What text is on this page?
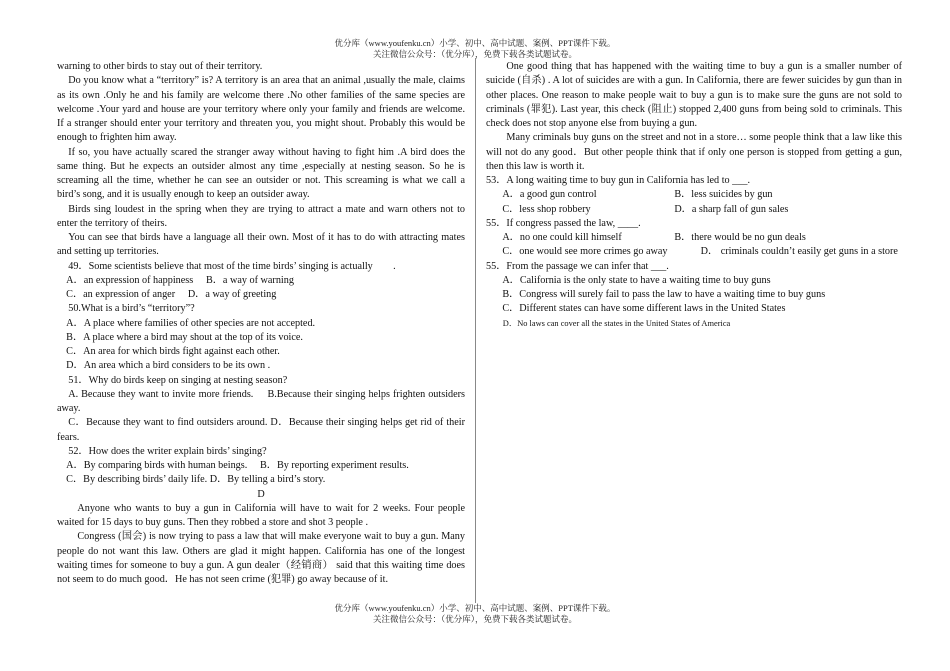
优分库（www.youfenku.cn）小学、初中、高中试题、案例、PPT课件下载。
关注微信公众号：（优分库），免费下载各类试题试卷。

warning to other birds to stay out of their territory.

Do you know what a “territory” is? A territory is an area that an animal ,usually the male, claims as its own .Only he and his family are welcome there .No other families of the same species are welcome .Your yard and house are your territory where only your family and friends are welcome. If a stranger should enter your territory and threaten you, you might shout. Probably this would be enough to frighten him away.

If so, you have actually scared the stranger away without having to fight him .A bird does the same thing. But he expects an outsider almost any time ,especially at nesting season. So he is screaming all the time, whether he can see an outsider or not. This screaming is what we call a bird’s song, and it is usually enough to keep an outsider away.

Birds sing loudest in the spring when they are trying to attract a mate and warn others not to enter the territory of theirs.

You can see that birds have a language all their own. Most of it has to do with attracting mates and setting up territories.

49．Some scientists believe that most of the time birds’ singing is actually　　.

A．an expression of happiness　 B．a way of warning

C．an expression of anger　 D．a way of greeting

50.What is a bird’s “territory”?

A．A place where families of other species are not accepted.

B．A place where a bird may shout at the top of its voice.

C．An area for which birds fight against each other.

D．An area which a bird considers to be its own .

51．Why do birds keep on singing at nesting season?

A. Because they want to invite more friends.　 B.Because their singing helps frighten outsiders away.

C．Because they want to find outsiders around. D．Because their singing helps get rid of their fears.

52．How does the writer explain birds’ singing?

A．By comparing birds with human beings.　 B．By reporting experiment results.

C．By describing birds’ daily life. D．By telling a bird’s story.

D

Anyone who wants to buy a gun in California will have to wait for 2 weeks. Four people waited for 15 days to buy guns. Then they robbed a store and shot 3 people .

Congress (国会) is now trying to pass a law that will make everyone wait to buy a gun. Many people do not want this law. Others are glad it might happen. California has one of the longest waiting times for someone to buy a gun. A gun dealer（经销商） said that this waiting time does not seem to do much good．He has not seen crime (犯罪) go away because of it.

One good thing that has happened with the waiting time to buy a gun is a smaller number of suicide (自杀) . A lot of suicides are with a gun. In California, there are fewer suicides by gun than in other places. One reason to make people wait to buy a gun is to make sure the guns are not sold to criminals (罪犯). Last year, this check (阻止) stopped 2,400 guns from being sold to criminals. This check does not stop anyone else from buying a gun.

Many criminals buy guns on the street and not in a store… some people think that a law like this will not do any good．But other people think that if only one person is stopped from getting a gun, then this law is worth it.

53．A long waiting time to buy gun in California has led to ___.

A．a good gun control	B．less suicides by gun
C．less shop robbery	D．a sharp fall of gun sales

55．If congress passed the law, ____.

A．no one could kill himself	B．there would be no gun deals

C．one would see more crimes go away　　　 D． criminals couldn’t easily get guns in a store

55．From the passage we can infer that ___.

A．California is the only state to have a waiting time to buy guns

B．Congress will surely fail to pass the law to have a waiting time to buy guns

C．Different states can have some different laws in the United States

D．No laws can cover all the states in the United States of America

优分库（www.youfenku.cn）小学、初中、高中试题、案例、PPT课件下载。
关注微信公众号：（优分库），免费下载各类试题试卷。
